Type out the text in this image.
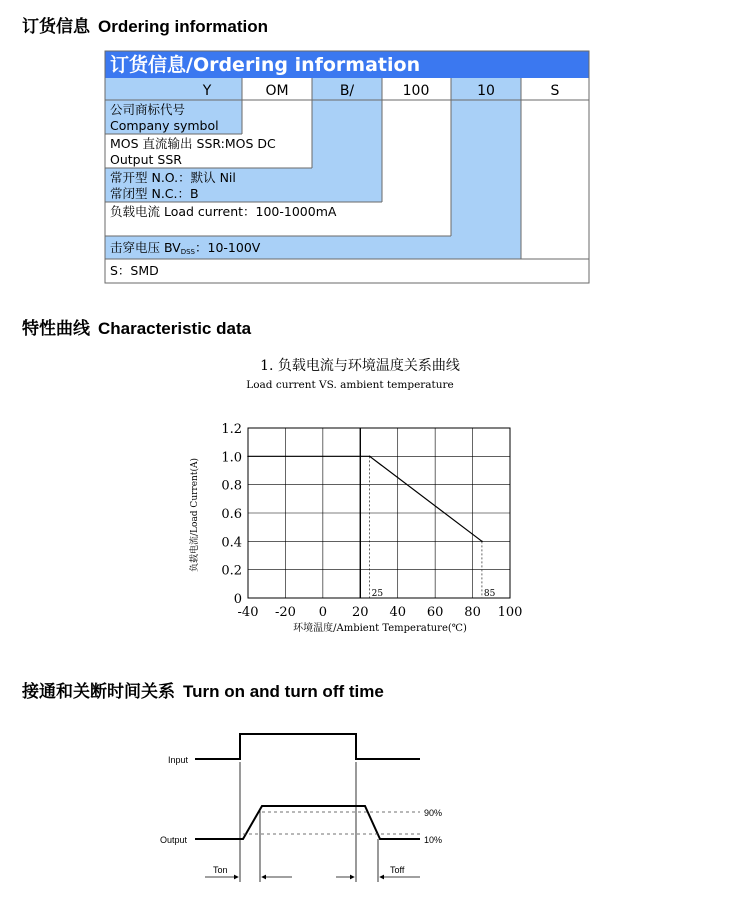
订货信息 Ordering information
订货信息/Ordering information
Y	OM	B/	100	10	S
公司商标代号
Company symbol
MOS 直流输出 SSR:MOS DC
Output SSR
常开型 N.O.：默认 Nil
常闭型 N.C.：B
负载电流 Load current：100-1000mA
击穿电压 BVDSS：10-100V
S：SMD
特性曲线 Characteristic data
1. 负载电流与环境温度关系曲线
Load current VS. ambient temperature
-40 -20 0 20 40 60 80 100
0
0.2
0.4
0.6
0.8
1.0
1.2
25	85
环境温度/Ambient Temperature(℃)
负载电流/Load Current(A)
接通和关断时间关系 Turn on and turn off time
Input
Output
90%
10%
Ton	Toff
